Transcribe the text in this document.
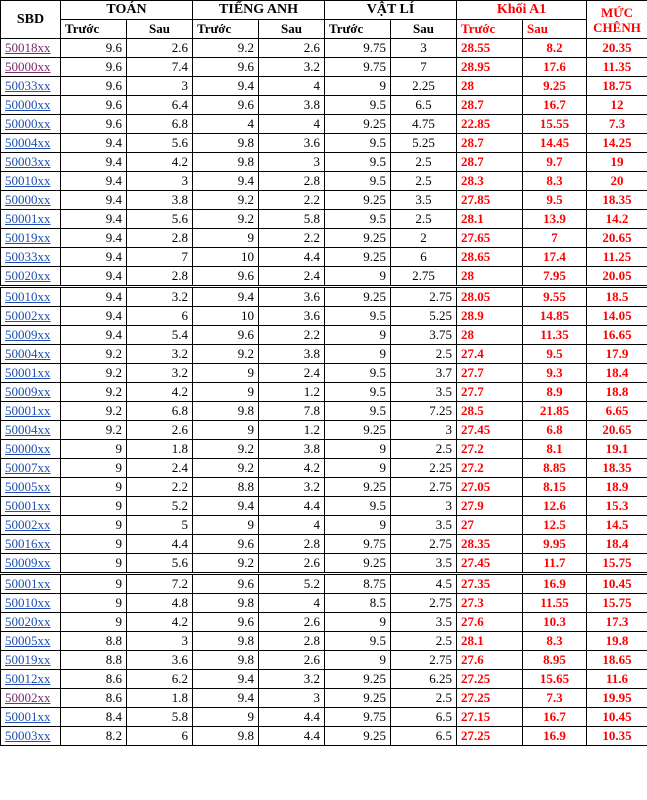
SBD	TOÁN		TIẾNG ANH		VẬT LÍ		Khối A1		MỨC CHÊNH
	Trước	Sau	Trước	Sau	Trước	Sau	Trước	Sau	
50018xx	9.6	2.6	9.2	2.6	9.75	3	28.55	8.2	20.35
50000xx	9.6	7.4	9.6	3.2	9.75	7	28.95	17.6	11.35
50033xx	9.6	3	9.4	4	9	2.25	28	9.25	18.75
50000xx	9.6	6.4	9.6	3.8	9.5	6.5	28.7	16.7	12
50000xx	9.6	6.8	4	4	9.25	4.75	22.85	15.55	7.3
50004xx	9.4	5.6	9.8	3.6	9.5	5.25	28.7	14.45	14.25
50003xx	9.4	4.2	9.8	3	9.5	2.5	28.7	9.7	19
50010xx	9.4	3	9.4	2.8	9.5	2.5	28.3	8.3	20
50000xx	9.4	3.8	9.2	2.2	9.25	3.5	27.85	9.5	18.35
50001xx	9.4	5.6	9.2	5.8	9.5	2.5	28.1	13.9	14.2
50019xx	9.4	2.8	9	2.2	9.25	2	27.65	7	20.65
50033xx	9.4	7	10	4.4	9.25	6	28.65	17.4	11.25
50020xx	9.4	2.8	9.6	2.4	9	2.75	28	7.95	20.05
50010xx	9.4	3.2	9.4	3.6	9.25	2.75	28.05	9.55	18.5
50002xx	9.4	6	10	3.6	9.5	5.25	28.9	14.85	14.05
50009xx	9.4	5.4	9.6	2.2	9	3.75	28	11.35	16.65
50004xx	9.2	3.2	9.2	3.8	9	2.5	27.4	9.5	17.9
50001xx	9.2	3.2	9	2.4	9.5	3.7	27.7	9.3	18.4
50009xx	9.2	4.2	9	1.2	9.5	3.5	27.7	8.9	18.8
50001xx	9.2	6.8	9.8	7.8	9.5	7.25	28.5	21.85	6.65
50004xx	9.2	2.6	9	1.2	9.25	3	27.45	6.8	20.65
50000xx	9	1.8	9.2	3.8	9	2.5	27.2	8.1	19.1
50007xx	9	2.4	9.2	4.2	9	2.25	27.2	8.85	18.35
50005xx	9	2.2	8.8	3.2	9.25	2.75	27.05	8.15	18.9
50001xx	9	5.2	9.4	4.4	9.5	3	27.9	12.6	15.3
50002xx	9	5	9	4	9	3.5	27	12.5	14.5
50016xx	9	4.4	9.6	2.8	9.75	2.75	28.35	9.95	18.4
50009xx	9	5.6	9.2	2.6	9.25	3.5	27.45	11.7	15.75
50001xx	9	7.2	9.6	5.2	8.75	4.5	27.35	16.9	10.45
50010xx	9	4.8	9.8	4	8.5	2.75	27.3	11.55	15.75
50020xx	9	4.2	9.6	2.6	9	3.5	27.6	10.3	17.3
50005xx	8.8	3	9.8	2.8	9.5	2.5	28.1	8.3	19.8
50019xx	8.8	3.6	9.8	2.6	9	2.75	27.6	8.95	18.65
50012xx	8.6	6.2	9.4	3.2	9.25	6.25	27.25	15.65	11.6
50002xx	8.6	1.8	9.4	3	9.25	2.5	27.25	7.3	19.95
50001xx	8.4	5.8	9	4.4	9.75	6.5	27.15	16.7	10.45
50003xx	8.2	6	9.8	4.4	9.25	6.5	27.25	16.9	10.35
